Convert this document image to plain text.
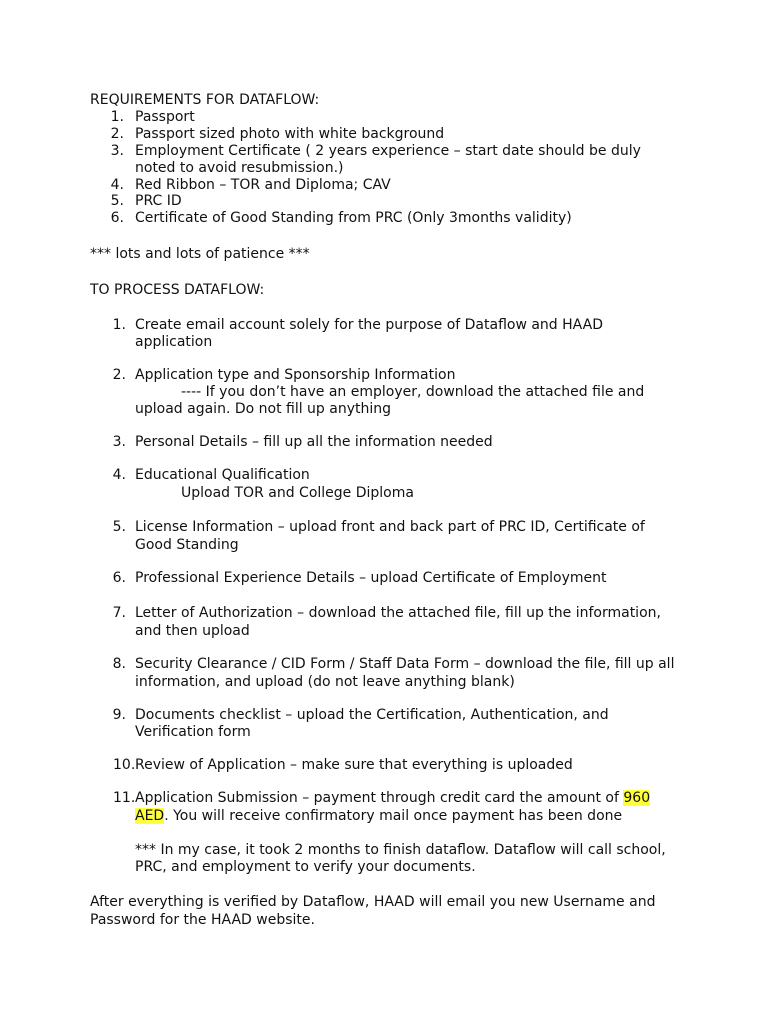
REQUIREMENTS FOR DATAFLOW:
1. Passport
2. Passport sized photo with white background
3. Employment Certificate ( 2 years experience – start date should be duly
noted to avoid resubmission.)
4. Red Ribbon – TOR and Diploma; CAV
5. PRC ID
6. Certificate of Good Standing from PRC (Only 3months validity)
*** lots and lots of patience ***
TO PROCESS DATAFLOW:
1. Create email account solely for the purpose of Dataflow and HAAD
application
2. Application type and Sponsorship Information
---- If you don’t have an employer, download the attached file and
upload again. Do not fill up anything
3. Personal Details – fill up all the information needed
4. Educational Qualification
Upload TOR and College Diploma
5. License Information – upload front and back part of PRC ID, Certificate of
Good Standing
6. Professional Experience Details – upload Certificate of Employment
7. Letter of Authorization – download the attached file, fill up the information,
and then upload
8. Security Clearance / CID Form / Staff Data Form – download the file, fill up all
information, and upload (do not leave anything blank)
9. Documents checklist – upload the Certification, Authentication, and
Verification form
10. Review of Application – make sure that everything is uploaded
11. Application Submission – payment through credit card the amount of 960
AED. You will receive confirmatory mail once payment has been done
*** In my case, it took 2 months to finish dataflow. Dataflow will call school,
PRC, and employment to verify your documents.
After everything is verified by Dataflow, HAAD will email you new Username and
Password for the HAAD website.
